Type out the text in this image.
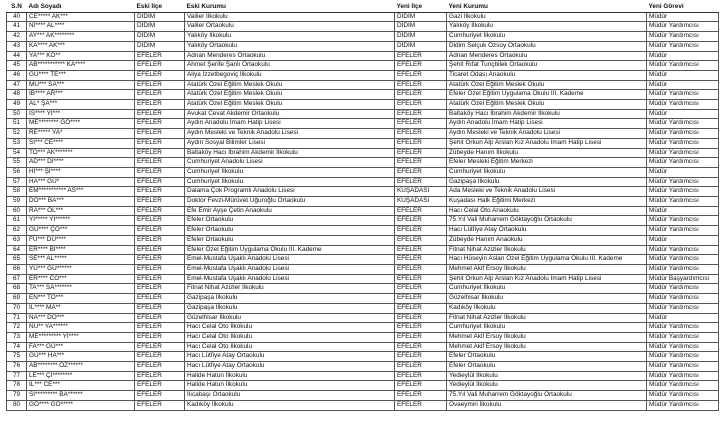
S.N	Adı Soyadı	Eski İlçe	Eski Kurumu	Yeni İlçe	Yeni Kurumu	Yeni Görevi
40	CE***** AK***	DİDİM	Valiler İlkokulu	DİDİM	Gazi İlkokulu	Müdür
41	Nİ**** AL****	DİDİM	Valiler Ortaokulu	DİDİM	Yalıköy İlkokulu	Müdür Yardımcısı
42	AY*** AK********	DİDİM	Yalıköy İlkokulu	DİDİM	Cumhuriyet İlkokulu	Müdür Yardımcısı
43	KA**** AK***	DİDİM	Yalıköy Ortaokulu	DİDİM	Didim Selçuk Özsoy Ortaokulu	Müdür Yardımcısı
44	YA*** KÖ**	EFELER	Adnan Menderes Ortaokulu	EFELER	Adnan Menderes Ortaokulu	Müdür
45	AB*********** KA****	EFELER	Ahmet Şerife Şanlı Ortaokulu	EFELER	Şehit Rıfat Tunçbilek Ortaokulu	Müdür Yardımcısı
46	GÜ**** TE***	EFELER	Aliya İzzetbegoviç İlkokulu	EFELER	Ticaret Odası Anaokulu	Müdür
47	MU*** SA***	EFELER	Atatürk Özel Eğitim Meslek Okulu	EFELER	Atatürk Özel Eğitim Meslek Okulu	Müdür
48	İB**** AR***	EFELER	Atatürk Özel Eğitim Meslek Okulu	EFELER	Efeler Özel Eğitim Uygulama Okulu III. Kademe	Müdür Yardımcısı
49	AL* ŞA***	EFELER	Atatürk Özel Eğitim Meslek Okulu	EFELER	Atatürk Özel Eğitim Meslek Okulu	Müdür Yardımcısı
50	İS**** YI***	EFELER	Avukat Cevat Akdemir Ortaokulu	EFELER	Baltaköy Hacı İbrahim Akdemir İlkokulu	Müdür
51	ME******** GÖ****	EFELER	Aydın Anadolu İmam Hatip Lisesi	EFELER	Aydın Anadolu İmam Hatip Lisesi	Müdür Yardımcısı
52	RE***** YA*	EFELER	Aydın Mesleki ve Teknik Anadolu Lisesi	EFELER	Aydın Mesleki ve Teknik Anadolu Lisesi	Müdür Yardımcısı
53	Sİ*** CE****	EFELER	Aydın Sosyal Bilimler Lisesi	EFELER	Şehit Orkun Alp Arslan Kız Anadolu İmam Hatip Lisesi	Müdür Yardımcısı
54	TO*** AK*******	EFELER	Baltaköy Hacı İbrahim Akdemir İlkokulu	EFELER	Zübeyde Hanım İlkokulu	Müdür Yardımcısı
55	AD*** Dİ****	EFELER	Cumhuriyet Anadolu Lisesi	EFELER	Efeler Mesleki Eğitim Merkezi	Müdür Yardımcısı
56	Hİ*** Şİ****	EFELER	Cumhuriyet İlkokulu	EFELER	Cumhuriyet İlkokulu	Müdür
57	HA*** GÜ*	EFELER	Cumhuriyet İlkokulu	EFELER	Gazipaşa İlkokulu	Müdür Yardımcısı
58	EM*********** AS***	EFELER	Dalama Çok Programlı Anadolu Lisesi	KUŞADASI	Ada Mesleki ve Teknik Anadolu Lisesi	Müdür Yardımcısı
59	DO*** BA***	EFELER	Doktor Fevzi-Mürüvet Uğuroğlu Ortaokulu	KUŞADASI	Kuşadası Halk Eğitimi Merkezi	Müdür Yardımcısı
60	RA*** ÖL***	EFELER	Efe Emir Ayşe Çetin Anaokulu	EFELER	Hacı Celal Oto Anaokulu	Müdür
61	Yİ***** Yİ******	EFELER	Efeler Ortaokulu	EFELER	75.Yıl Vali Muharrem Göktayoğlu Ortaokulu	Müdür Yardımcısı
62	GÜ**** ÇO***	EFELER	Efeler Ortaokulu	EFELER	Hacı Lütfiye Atay Ortaokulu	Müdür Yardımcısı
63	FU*** DÜ****	EFELER	Efeler Ortaokulu	EFELER	Zübeyde Hanım Anaokulu	Müdür
64	ER**** Bİ****	EFELER	Efeler Özel Eğitim Uygulama Okulu III. Kademe	EFELER	Fitnat Nihat Azizler İlkokulu	Müdür Yardımcısı
65	SE*** AL*****	EFELER	Emel-Mustafa Uşaklı Anadolu Lisesi	EFELER	Hacı Hüseyin Aslan Özel Eğitim Uygulama Okulu III. Kademe	Müdür Yardımcısı
66	YÜ*** GÜ******	EFELER	Emel-Mustafa Uşaklı Anadolu Lisesi	EFELER	Mehmet Akif Ersoy İlkokulu	Müdür Yardımcısı
67	ER**** CO***	EFELER	Emel-Mustafa Uşaklı Anadolu Lisesi	EFELER	Şehit Orkun Alp Arslan Kız Anadolu İmam Hatip Lisesi	Müdür Başyardımcısı
68	TA*** SA*******	EFELER	Fitnat Nihat Azizler İlkokulu	EFELER	Cumhuriyet İlkokulu	Müdür Yardımcısı
69	EN*** TO***	EFELER	Gazipaşa İlkokulu	EFELER	Güzelhisar İlkokulu	Müdür Yardımcısı
70	İL**** MA**	EFELER	Gazipaşa İlkokulu	EFELER	Kadıköy İlkokulu	Müdür Yardımcısı
71	NA*** DO***	EFELER	Güzelhisar İlkokulu	EFELER	Fitnat Nihat Azizler İlkokulu	Müdür
72	NU** YA******	EFELER	Hacı Celal Oto İlkokulu	EFELER	Cumhuriyet İlkokulu	Müdür Yardımcısı
73	ME********* Yİ****	EFELER	Hacı Celal Oto İlkokulu	EFELER	Mehmet Akif Ersoy İlkokulu	Müdür Yardımcısı
74	FA*** GÜ***	EFELER	Hacı Celal Oto İlkokulu	EFELER	Mehmet Akif Ersoy İlkokulu	Müdür Yardımcısı
75	GÜ*** HA***	EFELER	Hacı Lütfiye Atay Ortaokulu	EFELER	Efeler Ortaokulu	Müdür Yardımcısı
76	AB******** ÖZ******	EFELER	Hacı Lütfiye Atay Ortaokulu	EFELER	Efeler Ortaokulu	Müdür Yardımcısı
77	LE*** Çİ********	EFELER	Halide Hatun İlkokulu	EFELER	Yedieylül İlkokulu	Müdür Yardımcısı
78	İL*** CE***	EFELER	Halide Hatun İlkokulu	EFELER	Yedieylül İlkokulu	Müdür Yardımcısı
79	Sİ********* BA******	EFELER	Ilıcabaşı Ortaokulu	EFELER	75.Yıl Vali Muharrem Göktayoğlu Ortaokulu	Müdür Yardımcısı
80	GÖ**** GÖ*****	EFELER	Kadıköy İlkokulu	EFELER	Ovaeymiri İlkokulu	Müdür Yardımcısı
